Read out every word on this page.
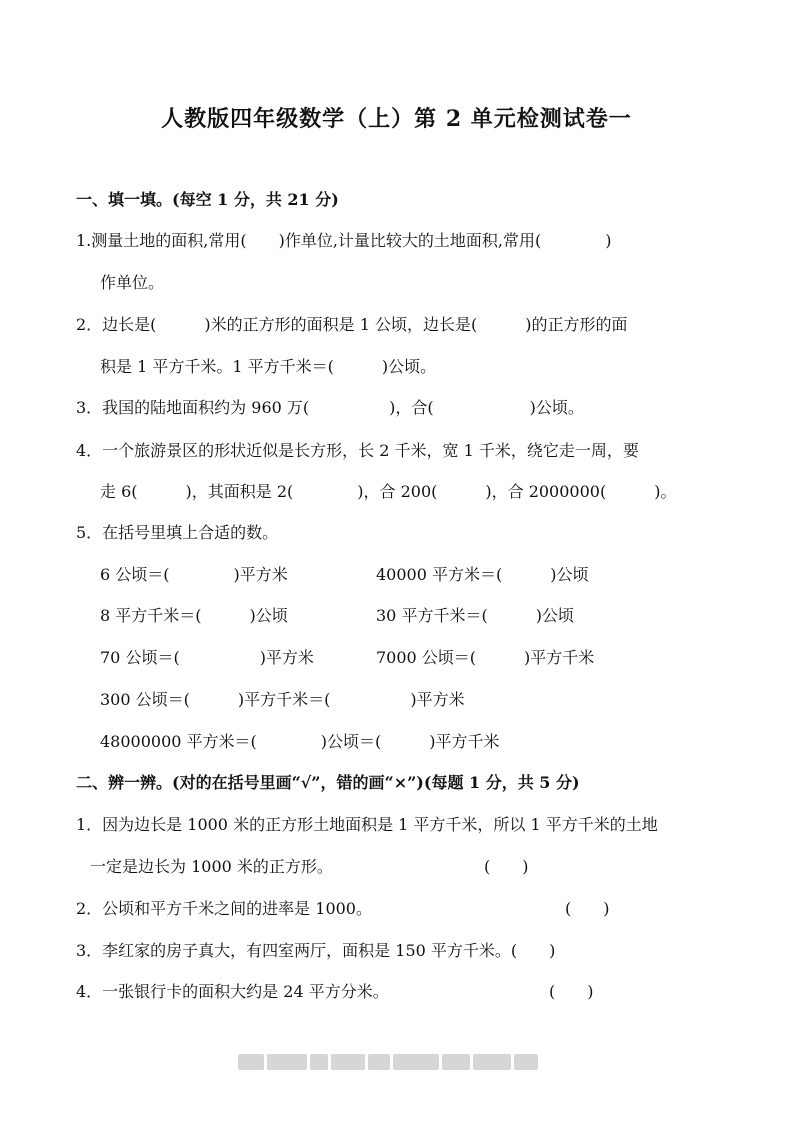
人教版四年级数学（上）第 2 单元检测试卷一
一、填一填。(每空 1 分，共 21 分)
1.测量土地的面积,常用(　　)作单位,计量比较大的土地面积,常用(　　　　)
作单位。
2．边长是(　　　)米的正方形的面积是 1 公顷，边长是(　　　)的正方形的面
积是 1 平方千米。1 平方千米＝(　　　)公顷。
3．我国的陆地面积约为 960 万(　　　　　)，合(　　　　　　)公顷。
4．一个旅游景区的形状近似是长方形，长 2 千米，宽 1 千米，绕它走一周，要
走 6(　　　)，其面积是 2(　　　　)，合 200(　　　)，合 2000000(　　　)。
5．在括号里填上合适的数。
6 公顷＝(　　　　)平方米	40000 平方米＝(　　　)公顷
8 平方千米＝(　　　)公顷	30 平方千米＝(　　　)公顷
70 公顷＝(　　　　　)平方米	7000 公顷＝(　　　)平方千米
300 公顷＝(　　　)平方千米＝(　　　　　)平方米
48000000 平方米＝(　　　　)公顷＝(　　　)平方千米
二、辨一辨。(对的在括号里画“√”，错的画“×”)(每题 1 分，共 5 分)
1．因为边长是 1000 米的正方形土地面积是 1 平方千米，所以 1 平方千米的土地
一定是边长为 1000 米的正方形。	(　　)
2．公顷和平方千米之间的进率是 1000。	(　　)
3．李红家的房子真大，有四室两厅，面积是 150 平方千米。(　　)
4．一张银行卡的面积大约是 24 平方分米。	(　　)
